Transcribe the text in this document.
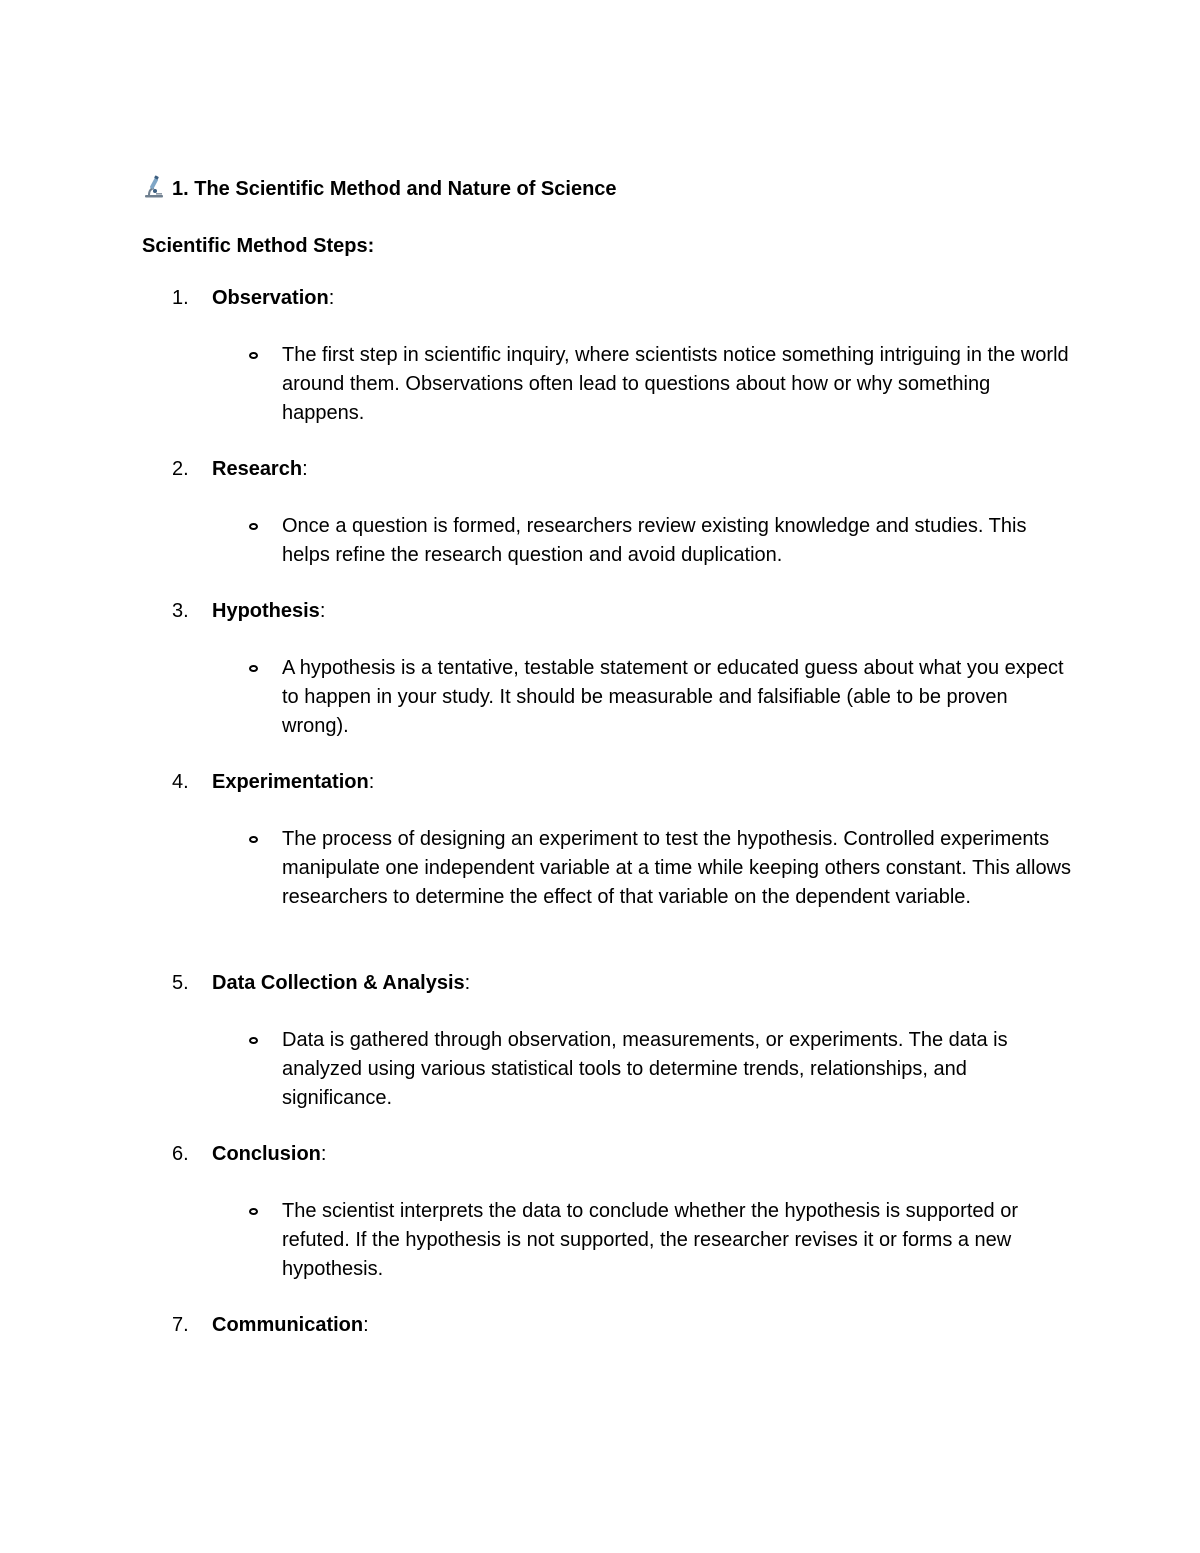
1. The Scientific Method and Nature of Science
Scientific Method Steps:
1. Observation:
The first step in scientific inquiry, where scientists notice something intriguing in the world around them. Observations often lead to questions about how or why something happens.
2. Research:
Once a question is formed, researchers review existing knowledge and studies. This helps refine the research question and avoid duplication.
3. Hypothesis:
A hypothesis is a tentative, testable statement or educated guess about what you expect to happen in your study. It should be measurable and falsifiable (able to be proven wrong).
4. Experimentation:
The process of designing an experiment to test the hypothesis. Controlled experiments manipulate one independent variable at a time while keeping others constant. This allows researchers to determine the effect of that variable on the dependent variable.
5. Data Collection & Analysis:
Data is gathered through observation, measurements, or experiments. The data is analyzed using various statistical tools to determine trends, relationships, and significance.
6. Conclusion:
The scientist interprets the data to conclude whether the hypothesis is supported or refuted. If the hypothesis is not supported, the researcher revises it or forms a new hypothesis.
7. Communication:
